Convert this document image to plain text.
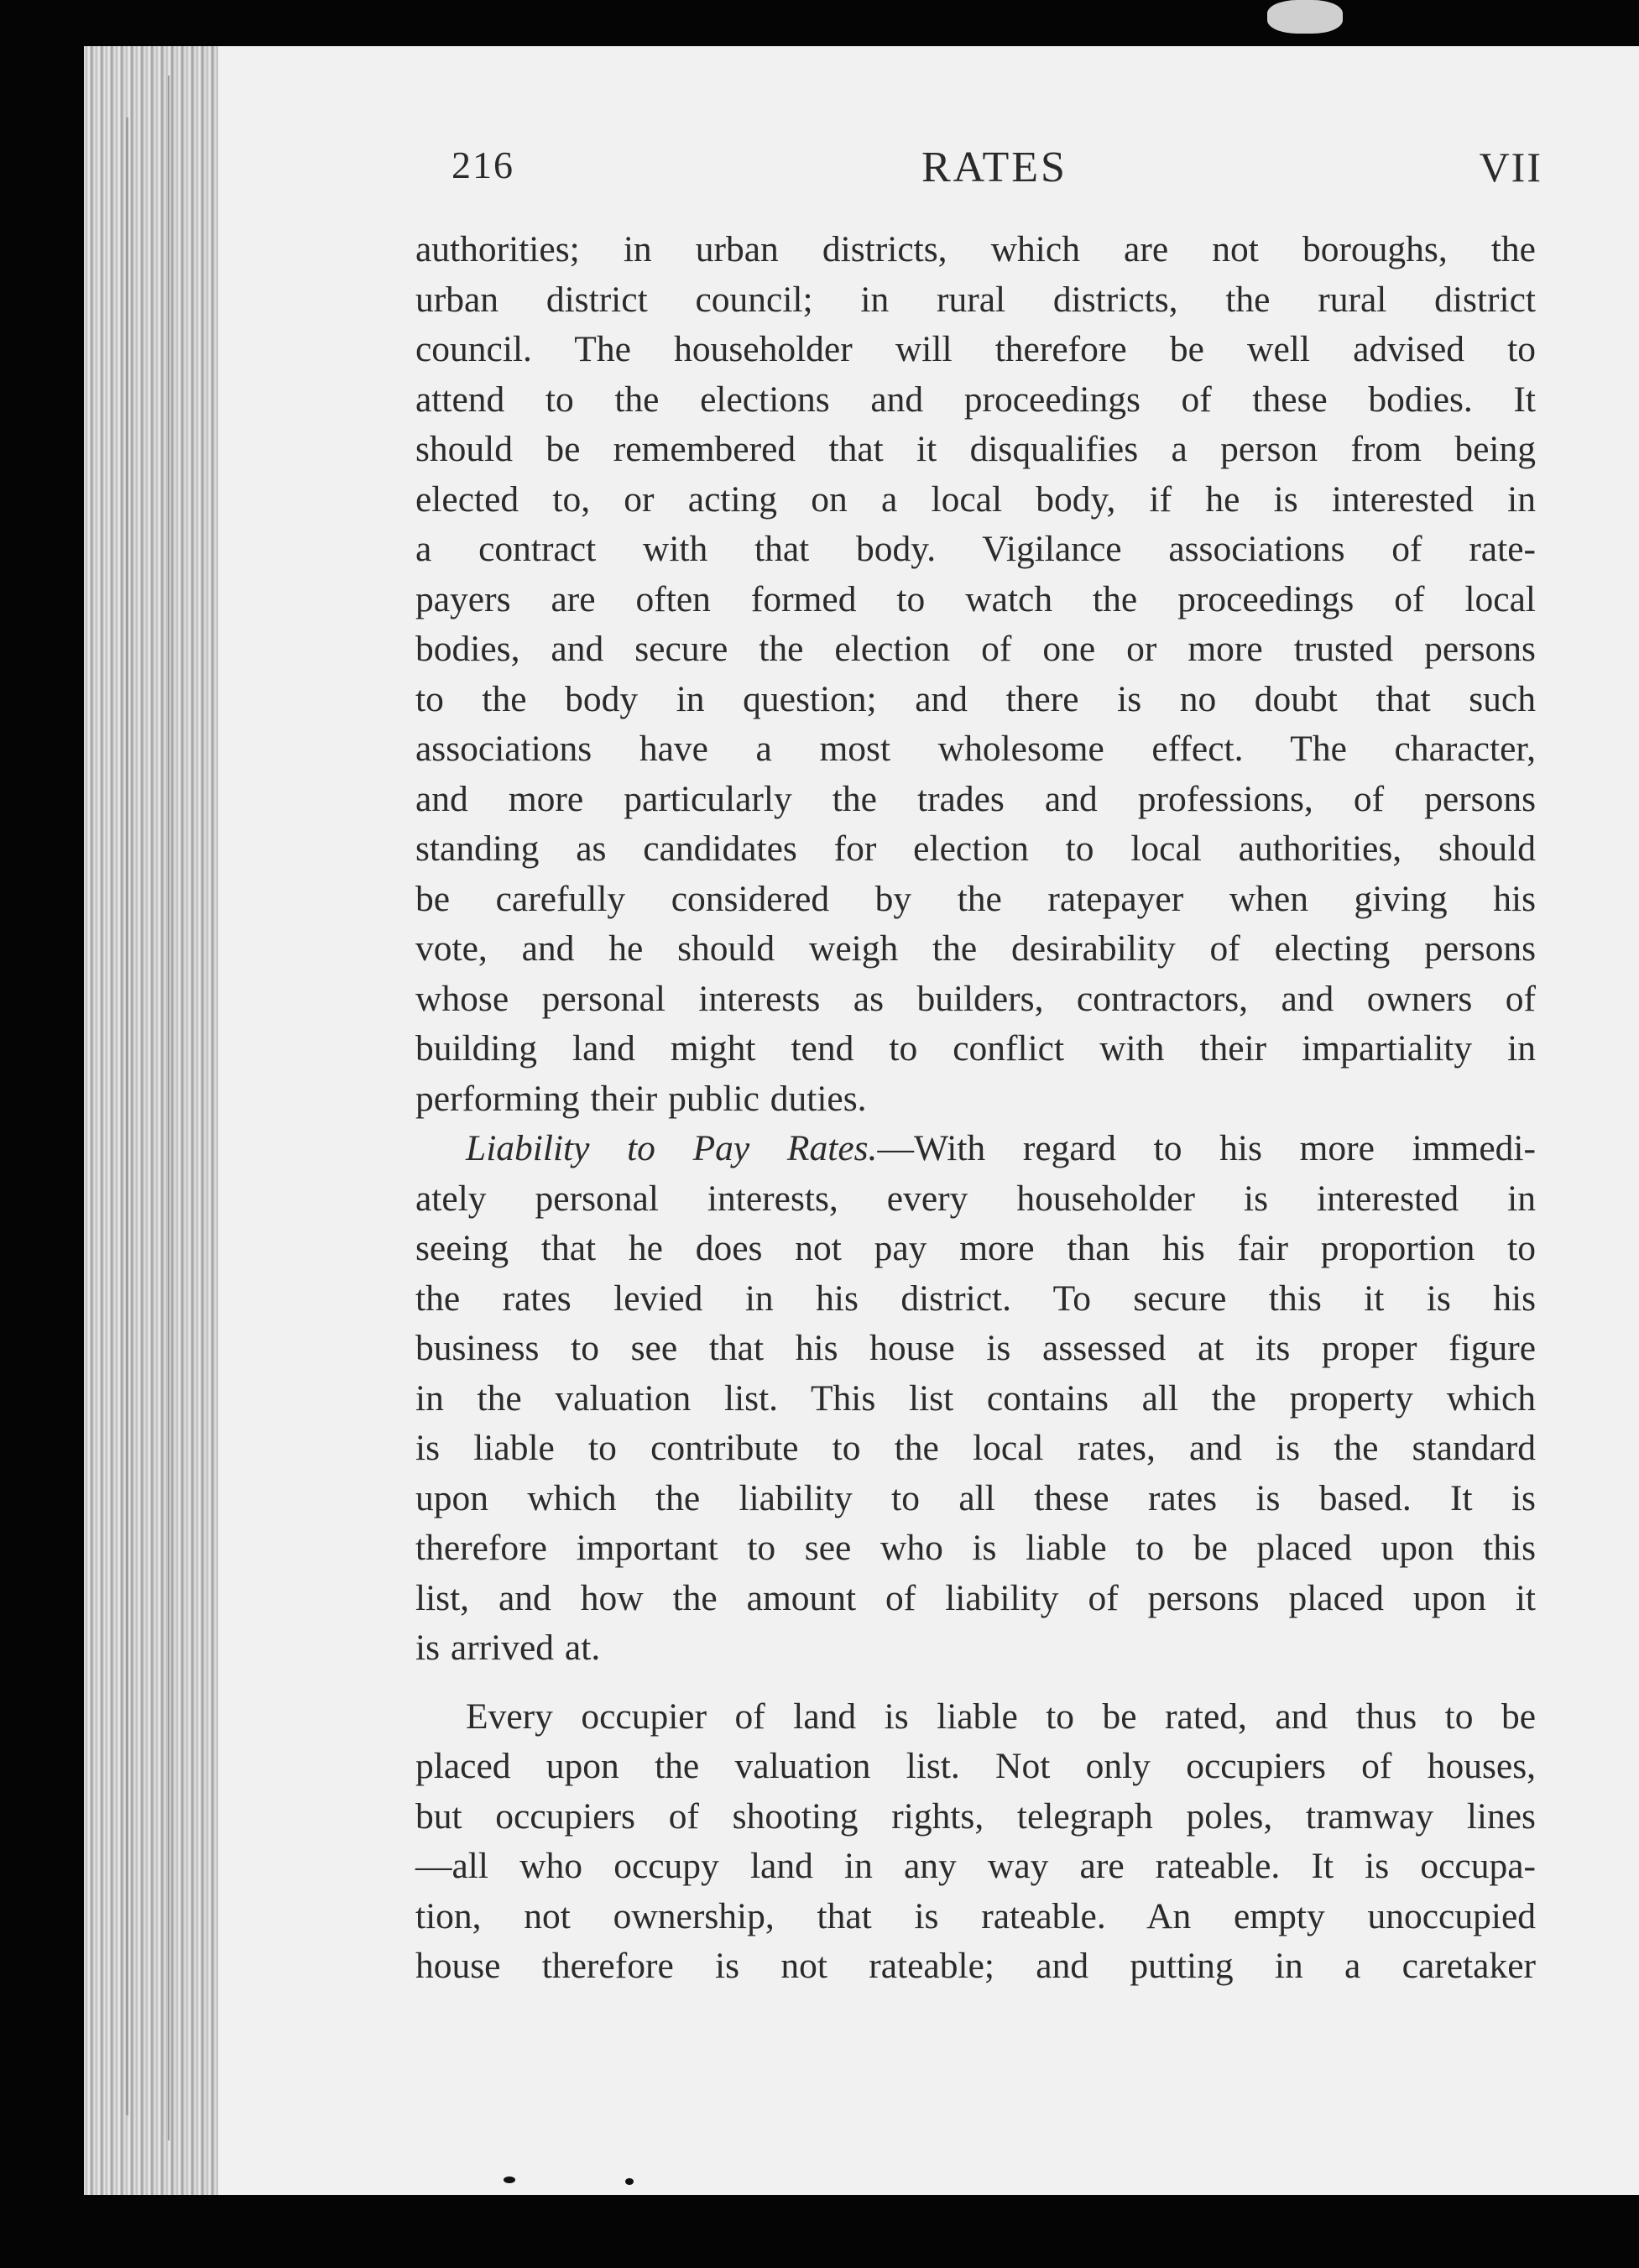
216	RATES	VII

authorities; in urban districts, which are not boroughs, the
urban district council; in rural districts, the rural district
council. The householder will therefore be well advised to
attend to the elections and proceedings of these bodies. It
should be remembered that it disqualifies a person from being
elected to, or acting on a local body, if he is interested in
a contract with that body. Vigilance associations of rate-
payers are often formed to watch the proceedings of local
bodies, and secure the election of one or more trusted persons
to the body in question; and there is no doubt that such
associations have a most wholesome effect. The character,
and more particularly the trades and professions, of persons
standing as candidates for election to local authorities, should
be carefully considered by the ratepayer when giving his
vote, and he should weigh the desirability of electing persons
whose personal interests as builders, contractors, and owners of
building land might tend to conflict with their impartiality in
performing their public duties.

Liability to Pay Rates.—With regard to his more immedi-
ately personal interests, every householder is interested in
seeing that he does not pay more than his fair proportion to
the rates levied in his district. To secure this it is his
business to see that his house is assessed at its proper figure
in the valuation list. This list contains all the property which
is liable to contribute to the local rates, and is the standard
upon which the liability to all these rates is based. It is
therefore important to see who is liable to be placed upon this
list, and how the amount of liability of persons placed upon it
is arrived at.

Every occupier of land is liable to be rated, and thus to be
placed upon the valuation list. Not only occupiers of houses,
but occupiers of shooting rights, telegraph poles, tramway lines
—all who occupy land in any way are rateable. It is occupa-
tion, not ownership, that is rateable. An empty unoccupied
house therefore is not rateable; and putting in a caretaker
